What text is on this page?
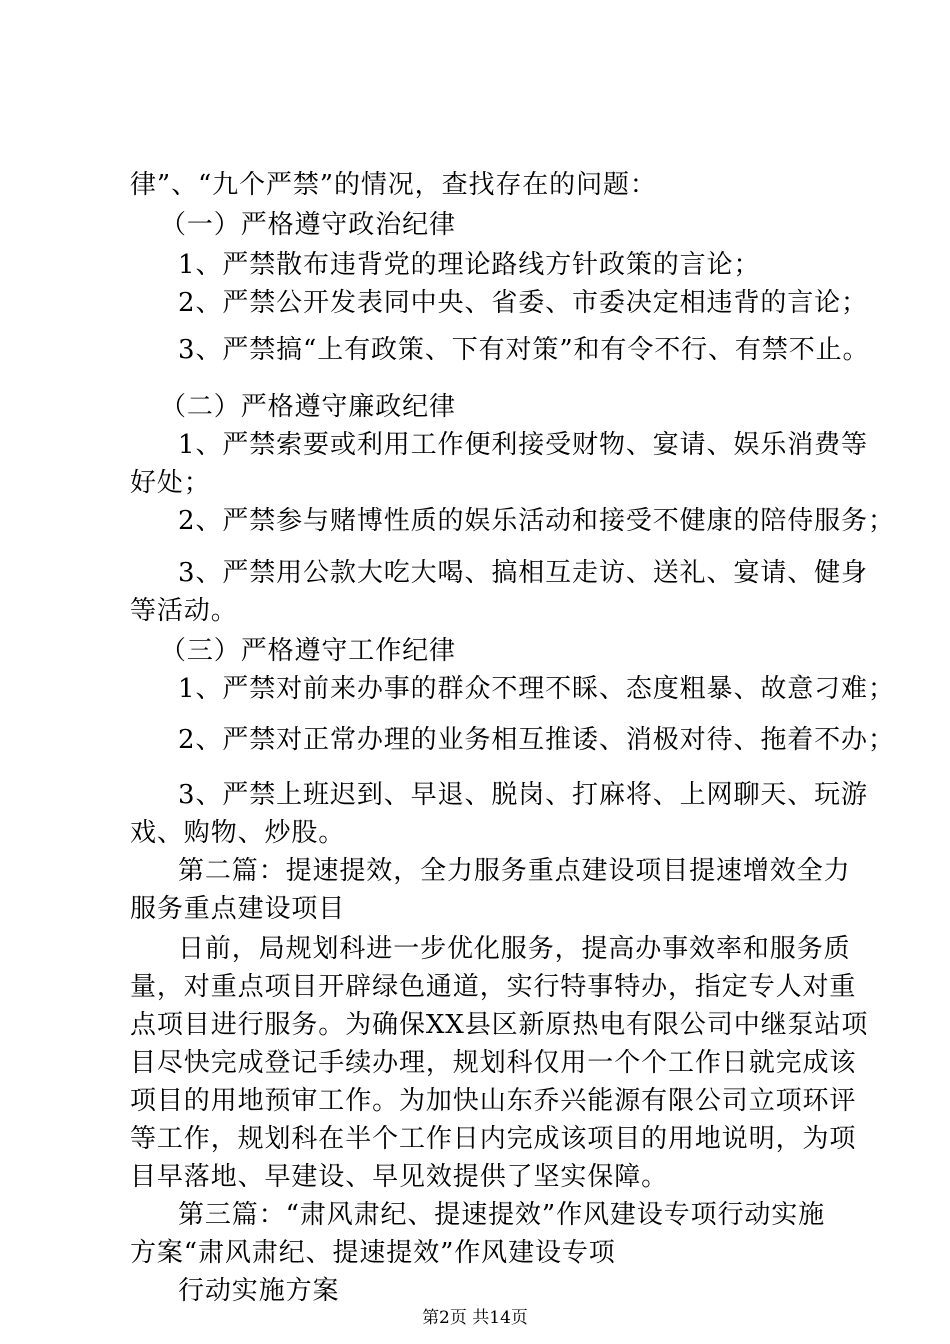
律”、“九个严禁”的情况，查找存在的问题：
（一）严格遵守政治纪律
1、严禁散布违背党的理论路线方针政策的言论；
2、严禁公开发表同中央、省委、市委决定相违背的言论；
3、严禁搞“上有政策、下有对策”和有令不行、有禁不止。
（二）严格遵守廉政纪律
1、严禁索要或利用工作便利接受财物、宴请、娱乐消费等
好处；
2、严禁参与赌博性质的娱乐活动和接受不健康的陪侍服务；
3、严禁用公款大吃大喝、搞相互走访、送礼、宴请、健身
等活动。
（三）严格遵守工作纪律
1、严禁对前来办事的群众不理不睬、态度粗暴、故意刁难；
2、严禁对正常办理的业务相互推诿、消极对待、拖着不办；
3、严禁上班迟到、早退、脱岗、打麻将、上网聊天、玩游
戏、购物、炒股。
第二篇：提速提效，全力服务重点建设项目提速增效全力
服务重点建设项目
日前，局规划科进一步优化服务，提高办事效率和服务质
量，对重点项目开辟绿色通道，实行特事特办，指定专人对重
点项目进行服务。为确保XX县区新原热电有限公司中继泵站项
目尽快完成登记手续办理，规划科仅用一个个工作日就完成该
项目的用地预审工作。为加快山东乔兴能源有限公司立项环评
等工作，规划科在半个工作日内完成该项目的用地说明，为项
目早落地、早建设、早见效提供了坚实保障。
第三篇：“肃风肃纪、提速提效”作风建设专项行动实施
方案“肃风肃纪、提速提效”作风建设专项
行动实施方案
第2页 共14页
